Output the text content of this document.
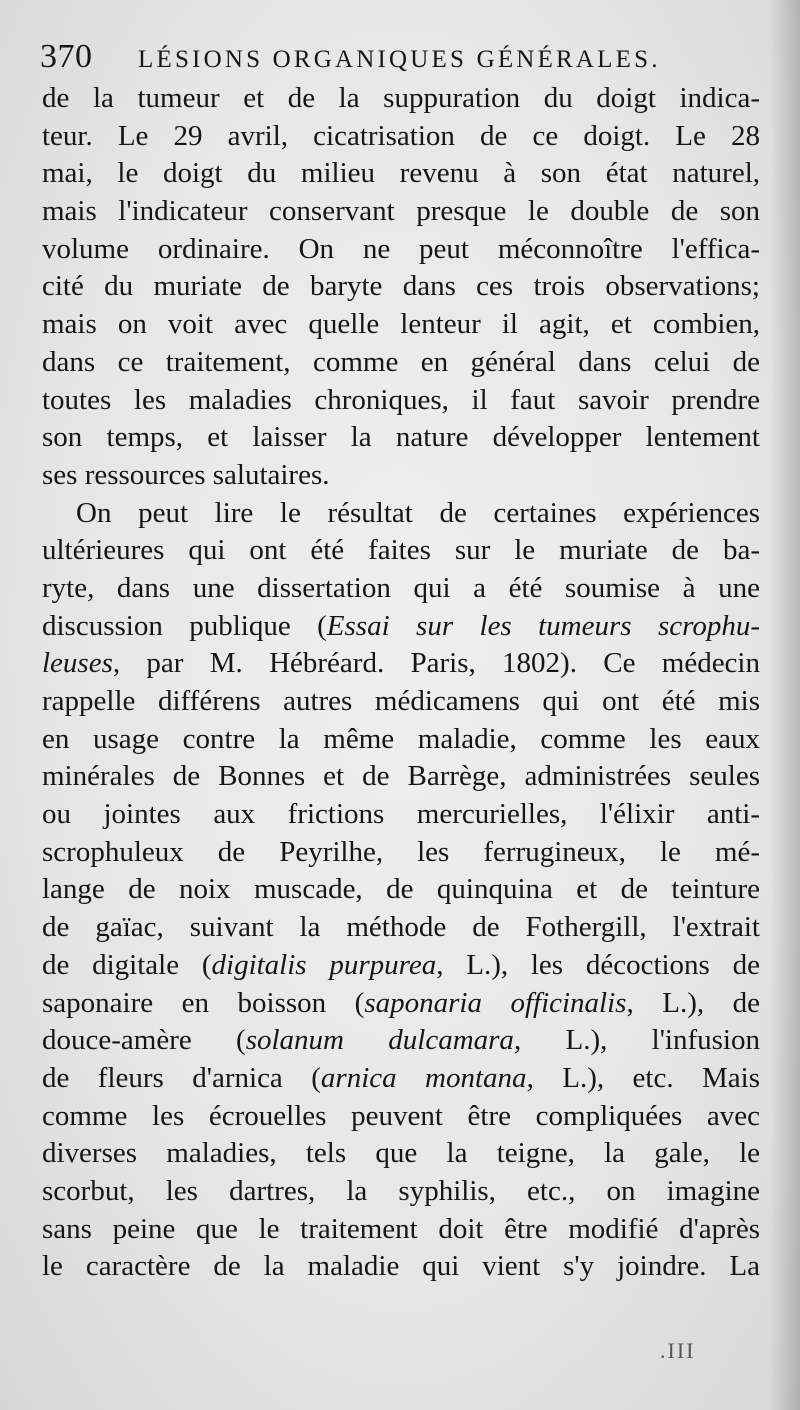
370 LÉSIONS ORGANIQUES GÉNÉRALES.
de la tumeur et de la suppuration du doigt indica-
teur. Le 29 avril, cicatrisation de ce doigt. Le 28
mai, le doigt du milieu revenu à son état naturel,
mais l'indicateur conservant presque le double de son
volume ordinaire. On ne peut méconnoître l'effica-
cité du muriate de baryte dans ces trois observations;
mais on voit avec quelle lenteur il agit, et combien,
dans ce traitement, comme en général dans celui de
toutes les maladies chroniques, il faut savoir prendre
son temps, et laisser la nature développer lentement
ses ressources salutaires.
On peut lire le résultat de certaines expériences
ultérieures qui ont été faites sur le muriate de ba-
ryte, dans une dissertation qui a été soumise à une
discussion publique (Essai sur les tumeurs scrophu-
leuses, par M. Hébréard. Paris, 1802). Ce médecin
rappelle différens autres médicamens qui ont été mis
en usage contre la même maladie, comme les eaux
minérales de Bonnes et de Barrège, administrées seules
ou jointes aux frictions mercurielles, l'élixir anti-
scrophuleux de Peyrilhe, les ferrugineux, le mé-
lange de noix muscade, de quinquina et de teinture
de gaïac, suivant la méthode de Fothergill, l'extrait
de digitale (digitalis purpurea, L.), les décoctions de
saponaire en boisson (saponaria officinalis, L.), de
douce-amère (solanum dulcamara, L.), l'infusion
de fleurs d'arnica (arnica montana, L.), etc. Mais
comme les écrouelles peuvent être compliquées avec
diverses maladies, tels que la teigne, la gale, le
scorbut, les dartres, la syphilis, etc., on imagine
sans peine que le traitement doit être modifié d'après
le caractère de la maladie qui vient s'y joindre. La
.III
